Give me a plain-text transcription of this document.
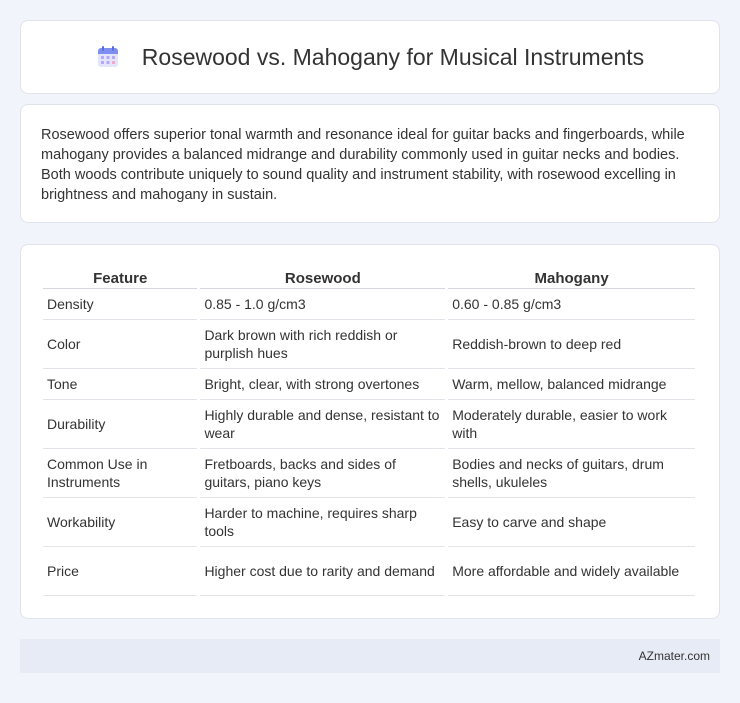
Rosewood vs. Mahogany for Musical Instruments

Rosewood offers superior tonal warmth and resonance ideal for guitar backs and fingerboards, while mahogany provides a balanced midrange and durability commonly used in guitar necks and bodies. Both woods contribute uniquely to sound quality and instrument stability, with rosewood excelling in brightness and mahogany in sustain.

Feature	Rosewood	Mahogany
Density	0.85 - 1.0 g/cm3	0.60 - 0.85 g/cm3
Color	Dark brown with rich reddish or purplish hues	Reddish-brown to deep red
Tone	Bright, clear, with strong overtones	Warm, mellow, balanced midrange
Durability	Highly durable and dense, resistant to wear	Moderately durable, easier to work with
Common Use in Instruments	Fretboards, backs and sides of guitars, piano keys	Bodies and necks of guitars, drum shells, ukuleles
Workability	Harder to machine, requires sharp tools	Easy to carve and shape
Price	Higher cost due to rarity and demand	More affordable and widely available
AZmater.com
